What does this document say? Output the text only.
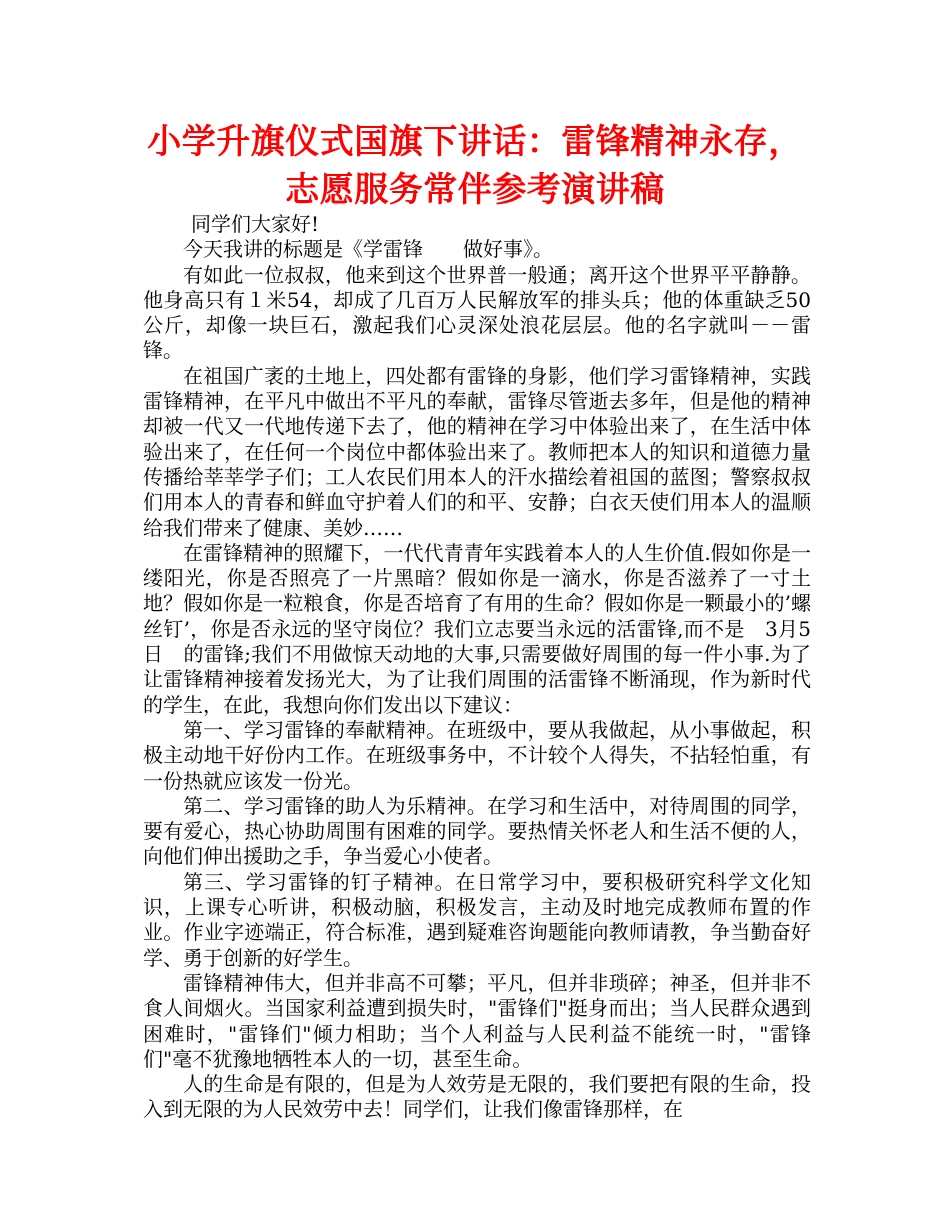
小学升旗仪式国旗下讲话：雷锋精神永存，
志愿服务常伴参考演讲稿

同学们大家好!

今天我讲的标题是《学雷锋　　做好事》。

有如此一位叔叔，他来到这个世界普一般通；离开这个世界平平静静。他身高只有１米54，却成了几百万人民解放军的排头兵；他的体重缺乏50公斤，却像一块巨石，激起我们心灵深处浪花层层。他的名字就叫－－雷锋。

在祖国广袤的土地上，四处都有雷锋的身影，他们学习雷锋精神，实践雷锋精神，在平凡中做出不平凡的奉献，雷锋尽管逝去多年，但是他的精神却被一代又一代地传递下去了，他的精神在学习中体验出来了，在生活中体验出来了，在任何一个岗位中都体验出来了。教师把本人的知识和道德力量传播给莘莘学子们；工人农民们用本人的汗水描绘着祖国的蓝图；警察叔叔们用本人的青春和鲜血守护着人们的和平、安静；白衣天使们用本人的温顺给我们带来了健康、美妙……

在雷锋精神的照耀下，一代代青青年实践着本人的人生价值.假如你是一缕阳光，你是否照亮了一片黑暗？假如你是一滴水，你是否滋养了一寸土地？假如你是一粒粮食，你是否培育了有用的生命？假如你是一颗最小的’螺丝钉’，你是否永远的坚守岗位？我们立志要当永远的活雷锋,而不是　3月5日　的雷锋;我们不用做惊天动地的大事,只需要做好周围的每一件小事.为了让雷锋精神接着发扬光大，为了让我们周围的活雷锋不断涌现，作为新时代的学生，在此，我想向你们发出以下建议：

第一、学习雷锋的奉献精神。在班级中，要从我做起，从小事做起，积极主动地干好份内工作。在班级事务中，不计较个人得失，不拈轻怕重，有一份热就应该发一份光。

第二、学习雷锋的助人为乐精神。在学习和生活中，对待周围的同学，要有爱心，热心协助周围有困难的同学。要热情关怀老人和生活不便的人，向他们伸出援助之手，争当爱心小使者。

第三、学习雷锋的钉子精神。在日常学习中，要积极研究科学文化知识，上课专心听讲，积极动脑，积极发言，主动及时地完成教师布置的作业。作业字迹端正，符合标准，遇到疑难咨询题能向教师请教，争当勤奋好学、勇于创新的好学生。

雷锋精神伟大，但并非高不可攀；平凡，但并非琐碎；神圣，但并非不食人间烟火。当国家利益遭到损失时，"雷锋们"挺身而出；当人民群众遇到困难时，"雷锋们"倾力相助；当个人利益与人民利益不能统一时，"雷锋们"毫不犹豫地牺牲本人的一切，甚至生命。

人的生命是有限的，但是为人效劳是无限的，我们要把有限的生命，投入到无限的为人民效劳中去！同学们，让我们像雷锋那样，在
